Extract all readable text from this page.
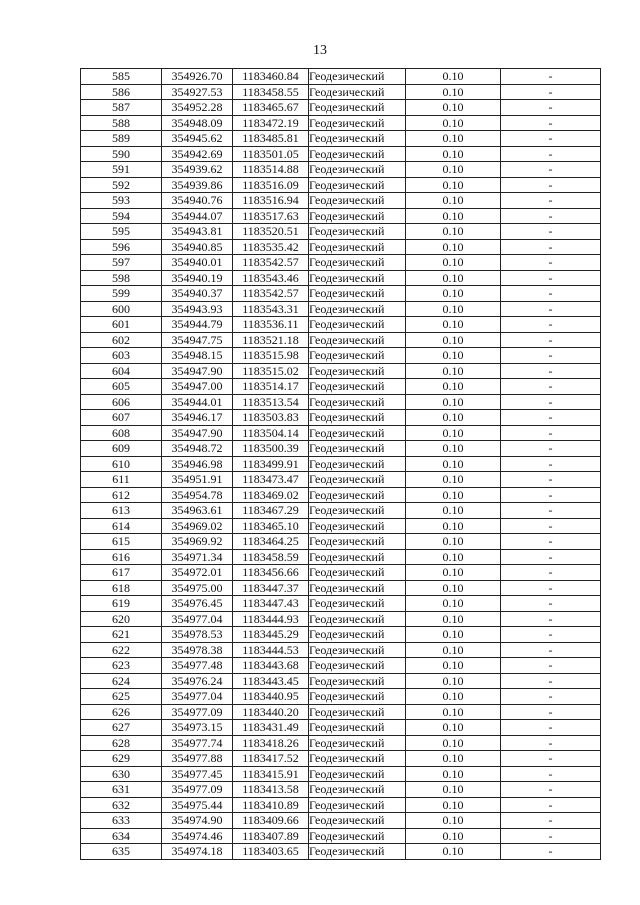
13
585	354926.70	1183460.84	Геодезический	0.10	-
586	354927.53	1183458.55	Геодезический	0.10	-
587	354952.28	1183465.67	Геодезический	0.10	-
588	354948.09	1183472.19	Геодезический	0.10	-
589	354945.62	1183485.81	Геодезический	0.10	-
590	354942.69	1183501.05	Геодезический	0.10	-
591	354939.62	1183514.88	Геодезический	0.10	-
592	354939.86	1183516.09	Геодезический	0.10	-
593	354940.76	1183516.94	Геодезический	0.10	-
594	354944.07	1183517.63	Геодезический	0.10	-
595	354943.81	1183520.51	Геодезический	0.10	-
596	354940.85	1183535.42	Геодезический	0.10	-
597	354940.01	1183542.57	Геодезический	0.10	-
598	354940.19	1183543.46	Геодезический	0.10	-
599	354940.37	1183542.57	Геодезический	0.10	-
600	354943.93	1183543.31	Геодезический	0.10	-
601	354944.79	1183536.11	Геодезический	0.10	-
602	354947.75	1183521.18	Геодезический	0.10	-
603	354948.15	1183515.98	Геодезический	0.10	-
604	354947.90	1183515.02	Геодезический	0.10	-
605	354947.00	1183514.17	Геодезический	0.10	-
606	354944.01	1183513.54	Геодезический	0.10	-
607	354946.17	1183503.83	Геодезический	0.10	-
608	354947.90	1183504.14	Геодезический	0.10	-
609	354948.72	1183500.39	Геодезический	0.10	-
610	354946.98	1183499.91	Геодезический	0.10	-
611	354951.91	1183473.47	Геодезический	0.10	-
612	354954.78	1183469.02	Геодезический	0.10	-
613	354963.61	1183467.29	Геодезический	0.10	-
614	354969.02	1183465.10	Геодезический	0.10	-
615	354969.92	1183464.25	Геодезический	0.10	-
616	354971.34	1183458.59	Геодезический	0.10	-
617	354972.01	1183456.66	Геодезический	0.10	-
618	354975.00	1183447.37	Геодезический	0.10	-
619	354976.45	1183447.43	Геодезический	0.10	-
620	354977.04	1183444.93	Геодезический	0.10	-
621	354978.53	1183445.29	Геодезический	0.10	-
622	354978.38	1183444.53	Геодезический	0.10	-
623	354977.48	1183443.68	Геодезический	0.10	-
624	354976.24	1183443.45	Геодезический	0.10	-
625	354977.04	1183440.95	Геодезический	0.10	-
626	354977.09	1183440.20	Геодезический	0.10	-
627	354973.15	1183431.49	Геодезический	0.10	-
628	354977.74	1183418.26	Геодезический	0.10	-
629	354977.88	1183417.52	Геодезический	0.10	-
630	354977.45	1183415.91	Геодезический	0.10	-
631	354977.09	1183413.58	Геодезический	0.10	-
632	354975.44	1183410.89	Геодезический	0.10	-
633	354974.90	1183409.66	Геодезический	0.10	-
634	354974.46	1183407.89	Геодезический	0.10	-
635	354974.18	1183403.65	Геодезический	0.10	-
